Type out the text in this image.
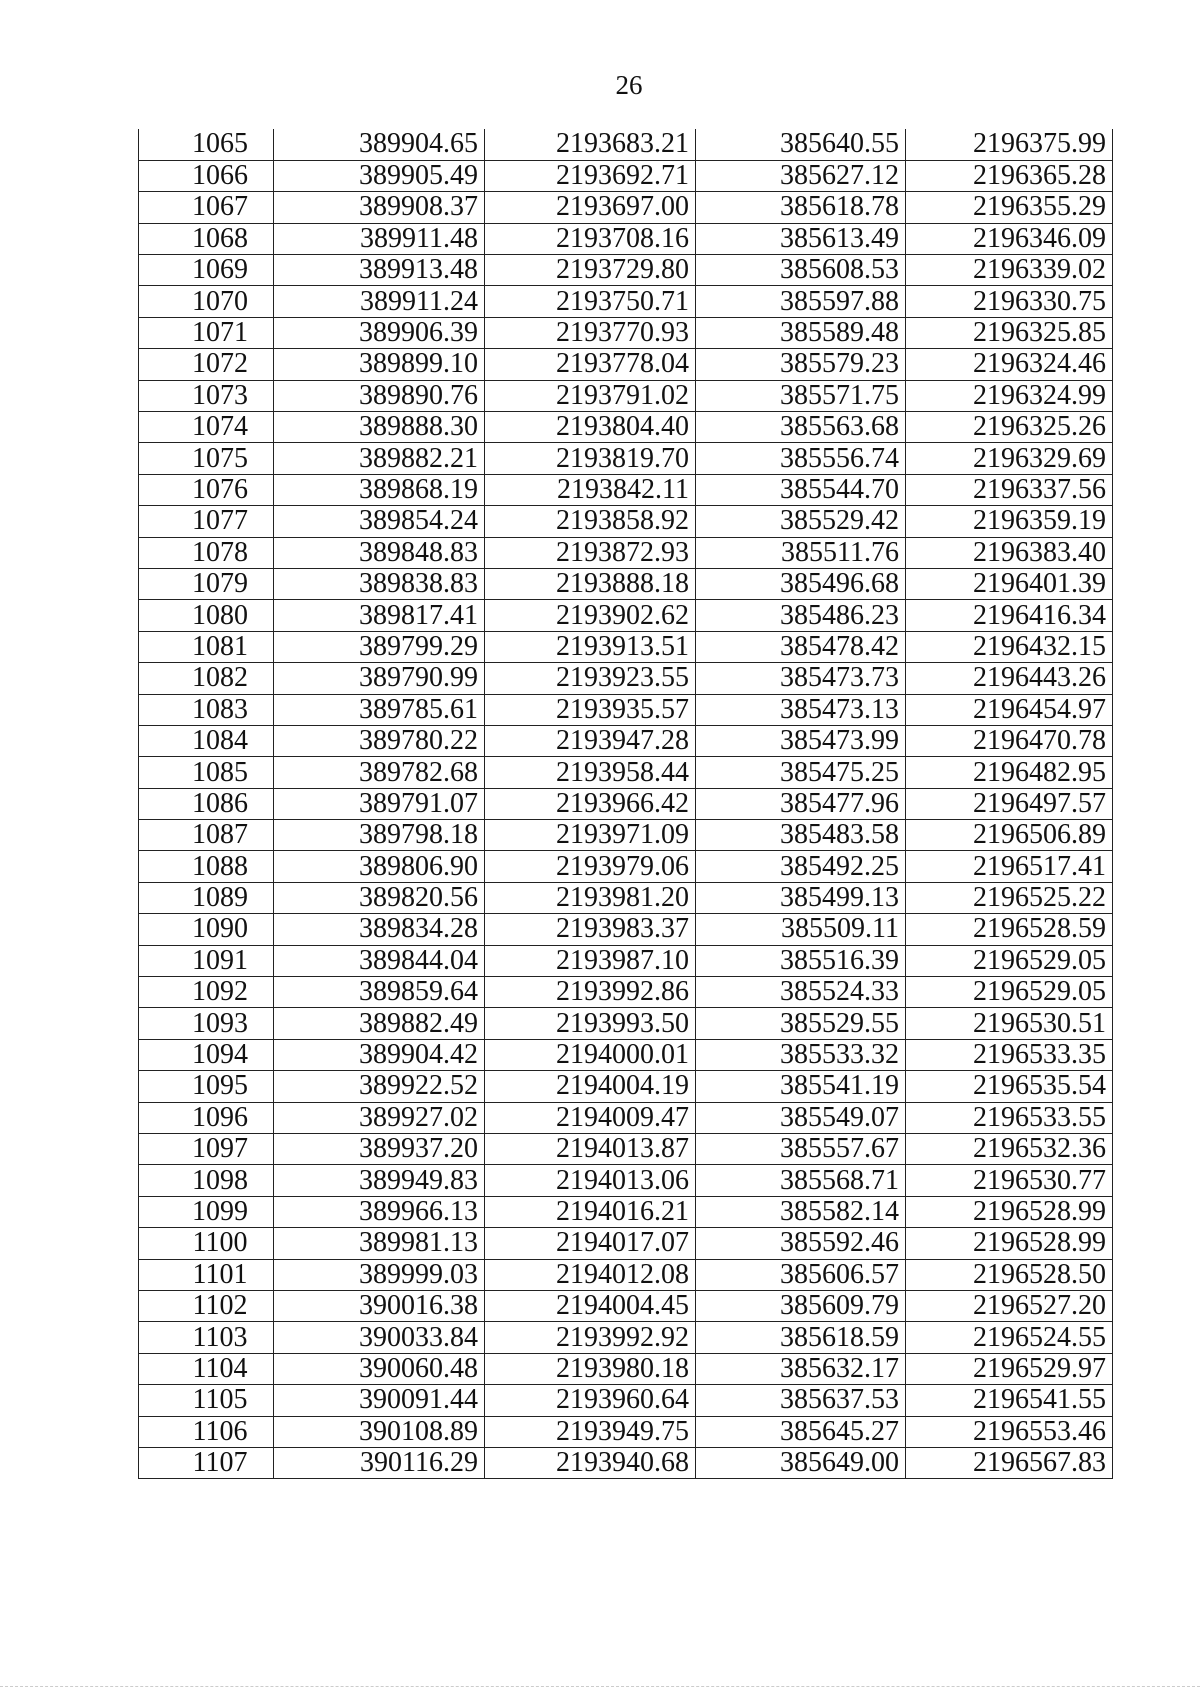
26
1065	389904.65	2193683.21	385640.55	2196375.99
1066	389905.49	2193692.71	385627.12	2196365.28
1067	389908.37	2193697.00	385618.78	2196355.29
1068	389911.48	2193708.16	385613.49	2196346.09
1069	389913.48	2193729.80	385608.53	2196339.02
1070	389911.24	2193750.71	385597.88	2196330.75
1071	389906.39	2193770.93	385589.48	2196325.85
1072	389899.10	2193778.04	385579.23	2196324.46
1073	389890.76	2193791.02	385571.75	2196324.99
1074	389888.30	2193804.40	385563.68	2196325.26
1075	389882.21	2193819.70	385556.74	2196329.69
1076	389868.19	2193842.11	385544.70	2196337.56
1077	389854.24	2193858.92	385529.42	2196359.19
1078	389848.83	2193872.93	385511.76	2196383.40
1079	389838.83	2193888.18	385496.68	2196401.39
1080	389817.41	2193902.62	385486.23	2196416.34
1081	389799.29	2193913.51	385478.42	2196432.15
1082	389790.99	2193923.55	385473.73	2196443.26
1083	389785.61	2193935.57	385473.13	2196454.97
1084	389780.22	2193947.28	385473.99	2196470.78
1085	389782.68	2193958.44	385475.25	2196482.95
1086	389791.07	2193966.42	385477.96	2196497.57
1087	389798.18	2193971.09	385483.58	2196506.89
1088	389806.90	2193979.06	385492.25	2196517.41
1089	389820.56	2193981.20	385499.13	2196525.22
1090	389834.28	2193983.37	385509.11	2196528.59
1091	389844.04	2193987.10	385516.39	2196529.05
1092	389859.64	2193992.86	385524.33	2196529.05
1093	389882.49	2193993.50	385529.55	2196530.51
1094	389904.42	2194000.01	385533.32	2196533.35
1095	389922.52	2194004.19	385541.19	2196535.54
1096	389927.02	2194009.47	385549.07	2196533.55
1097	389937.20	2194013.87	385557.67	2196532.36
1098	389949.83	2194013.06	385568.71	2196530.77
1099	389966.13	2194016.21	385582.14	2196528.99
1100	389981.13	2194017.07	385592.46	2196528.99
1101	389999.03	2194012.08	385606.57	2196528.50
1102	390016.38	2194004.45	385609.79	2196527.20
1103	390033.84	2193992.92	385618.59	2196524.55
1104	390060.48	2193980.18	385632.17	2196529.97
1105	390091.44	2193960.64	385637.53	2196541.55
1106	390108.89	2193949.75	385645.27	2196553.46
1107	390116.29	2193940.68	385649.00	2196567.83
